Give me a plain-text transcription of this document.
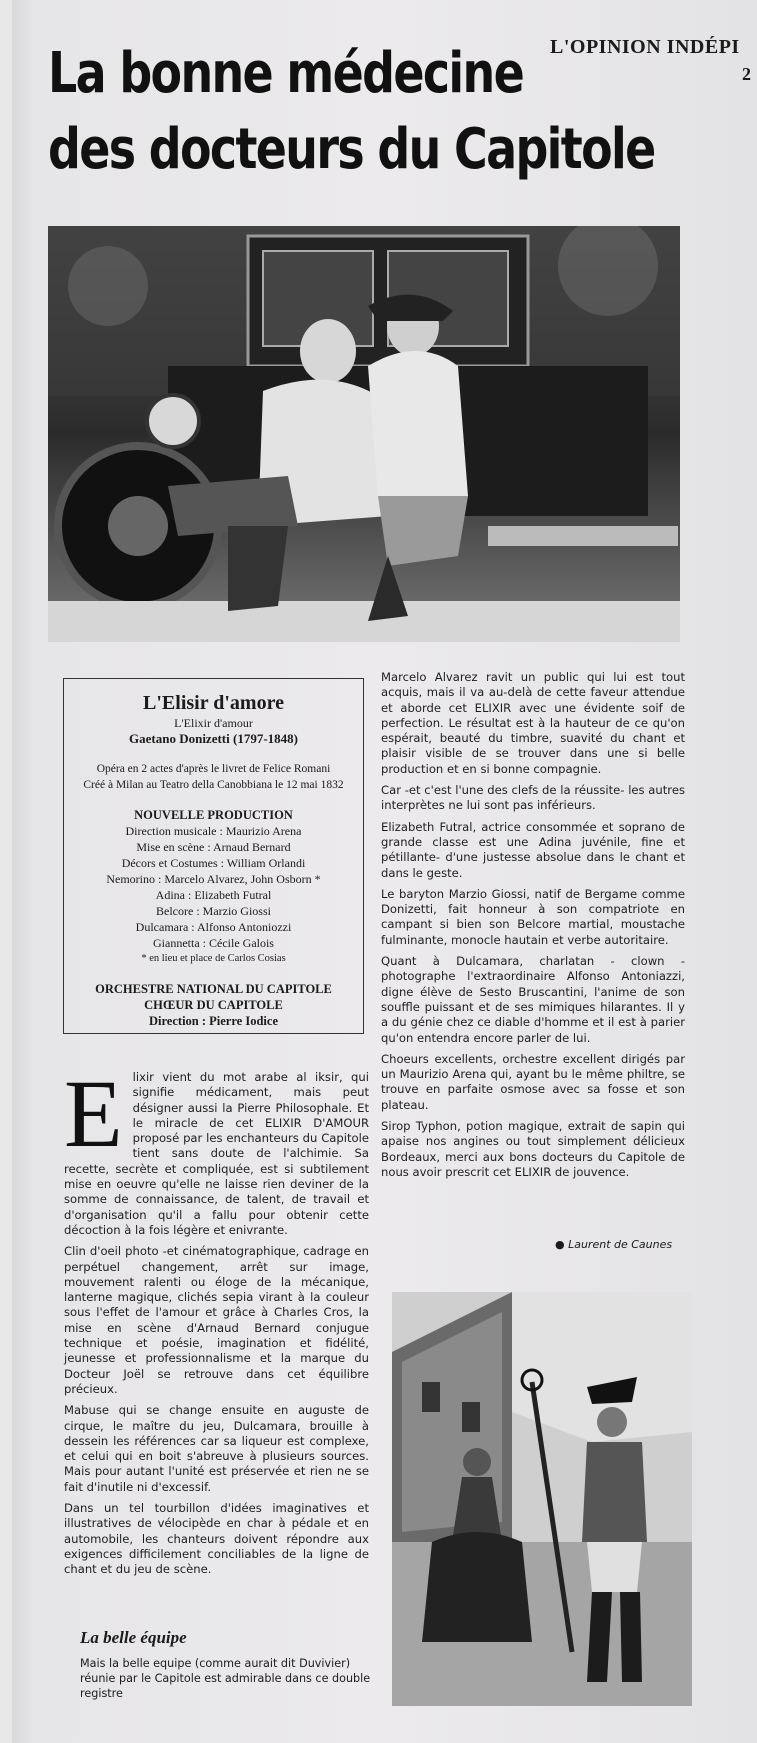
L'OPINION INDÉPI
2
La bonne médecine
des docteurs du Capitole
L'Elisir d'amore
L'Elixir d'amour
Gaetano Donizetti (1797-1848)
Opéra en 2 actes d'après le livret de Felice Romani
Créé à Milan au Teatro della Canobbiana le 12 mai 1832
NOUVELLE PRODUCTION
Direction musicale : Maurizio Arena
Mise en scène : Arnaud Bernard
Décors et Costumes : William Orlandi
Nemorino : Marcelo Alvarez, John Osborn *
Adina : Elizabeth Futral
Belcore : Marzio Giossi
Dulcamara : Alfonso Antoniozzi
Giannetta : Cécile Galois
* en lieu et place de Carlos Cosias
ORCHESTRE NATIONAL DU CAPITOLE
CHŒUR DU CAPITOLE
Direction : Pierre Iodice

Marcelo Alvarez ravit un public qui lui est tout acquis, mais il va au-delà de cette faveur attendue et aborde cet ELIXIR avec une évidente soif de perfection. Le résultat est à la hauteur de ce qu'on espérait, beauté du timbre, suavité du chant et plaisir visible de se trouver dans une si belle production et en si bonne compagnie.

Car -et c'est l'une des clefs de la réussite- les autres interprètes ne lui sont pas inférieurs.

Elizabeth Futral, actrice consommée et soprano de grande classe est une Adina juvénile, fine et pétillante- d'une justesse absolue dans le chant et dans le geste.

Le baryton Marzio Giossi, natif de Bergame comme Donizetti, fait honneur à son compatriote en campant si bien son Belcore martial, moustache fulminante, monocle hautain et verbe autoritaire.

Quant à Dulcamara, charlatan - clown - photographe l'extraordinaire Alfonso Antoniazzi, digne élève de Sesto Bruscantini, l'anime de son souffle puissant et de ses mimiques hilarantes. Il y a du génie chez ce diable d'homme et il est à parier qu'on entendra encore parler de lui.

Choeurs excellents, orchestre excellent dirigés par un Maurizio Arena qui, ayant bu le même philtre, se trouve en parfaite osmose avec sa fosse et son plateau.

Sirop Typhon, potion magique, extrait de sapin qui apaise nos angines ou tout simplement délicieux Bordeaux, merci aux bons docteurs du Capitole de nous avoir prescrit cet ELIXIR de jouvence.

● Laurent de Caunes

Elixir vient du mot arabe al iksir, qui signifie médicament, mais peut désigner aussi la Pierre Philosophale. Et le miracle de cet ELIXIR D'AMOUR proposé par les enchanteurs du Capitole tient sans doute de l'alchimie. Sa recette, secrète et compliquée, est si subtilement mise en oeuvre qu'elle ne laisse rien deviner de la somme de connaissance, de talent, de travail et d'organisation qu'il a fallu pour obtenir cette décoction à la fois légère et enivrante.

Clin d'oeil photo -et cinématographique, cadrage en perpétuel changement, arrêt sur image, mouvement ralenti ou éloge de la mécanique, lanterne magique, clichés sepia virant à la couleur sous l'effet de l'amour et grâce à Charles Cros, la mise en scène d'Arnaud Bernard conjugue technique et poésie, imagination et fidélité, jeunesse et professionnalisme et la marque du Docteur Joël se retrouve dans cet équilibre précieux.

Mabuse qui se change ensuite en auguste de cirque, le maître du jeu, Dulcamara, brouille à dessein les références car sa liqueur est complexe, et celui qui en boit s'abreuve à plusieurs sources. Mais pour autant l'unité est préservée et rien ne se fait d'inutile ni d'excessif.

Dans un tel tourbillon d'idées imaginatives et illustratives de vélocipède en char à pédale et en automobile, les chanteurs doivent répondre aux exigences difficilement conciliables de la ligne de chant et du jeu de scène.

La belle équipe
Mais la belle equipe (comme aurait dit Duvivier) réunie par le Capitole est admirable dans ce double registre
